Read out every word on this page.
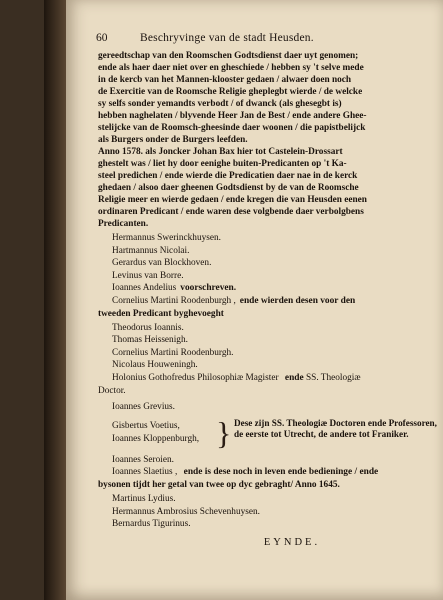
60	Beschryvinge van de stadt Heusden.

gereedtschap van den Roomschen Godtsdienst daer uyt genomen;
ende als haer daer niet over en gheschiede / hebben sy 't selve mede
in de kercb van het Mannen-klooster gedaen / alwaer doen noch
de Exercitie van de Roomsche Religie gheplegbt wierde / de welcke
sy selfs sonder yemandts verbodt / of dwanck (als ghesegbt is)
hebben naghelaten / blyvende Heer Jan de Best / ende andere Ghee-
stelijcke van de Roomsch-gheesinde daer woonen / die papistbelijck
als Burgers onder de Burgers leefden.

Anno 1578. als Joncker Johan Bax hier tot Castelein-Drossart
ghestelt was / liet hy door eenighe buiten-Predicanten op 't Ka-
steel predichen / ende wierde die Predicatien daer nae in de kerck
ghedaen / alsoo daer gheenen Godtsdienst by de van de Roomsche
Religie meer en wierde gedaen / ende kregen die van Heusden eenen
ordinaren Predicant / ende waren dese volgbende daer verbolgbens
Predicanten.

Hermannus Swerinckhuysen.
Hartmannus Nicolai.
Gerardus van Blockhoven.
Levinus van Borre.
Ioannes Andelius voorschreven.
Cornelius Martini Roodenburgh , ende wierden desen voor den
tweeden Predicant byghevoeght
Theodorus Ioannis.
Thomas Heissenigh.
Cornelius Martini Roodenburgh.
Nicolaus Houweningh.
Holonius Gothofredus Philosophiæ Magister ende SS. Theologiæ
Doctor.
Ioannes Grevius.
Gisbertus Voetius,
Ioannes Kloppenburgh, } Dese zijn SS. Theologiæ Doctoren ende Professoren, de eerste tot Utrecht, de andere tot Franiker.
Ioannes Seroien.
Ioannes Slaetius , ende is dese noch in leven ende bedieninge / ende
bysonen tijdt her getal van twee op dyc gebraght/ Anno 1645.
Martinus Lydius.
Hermannus Ambrosius Schevenhuysen.
Bernardus Tigurinus.
EYNDE.
